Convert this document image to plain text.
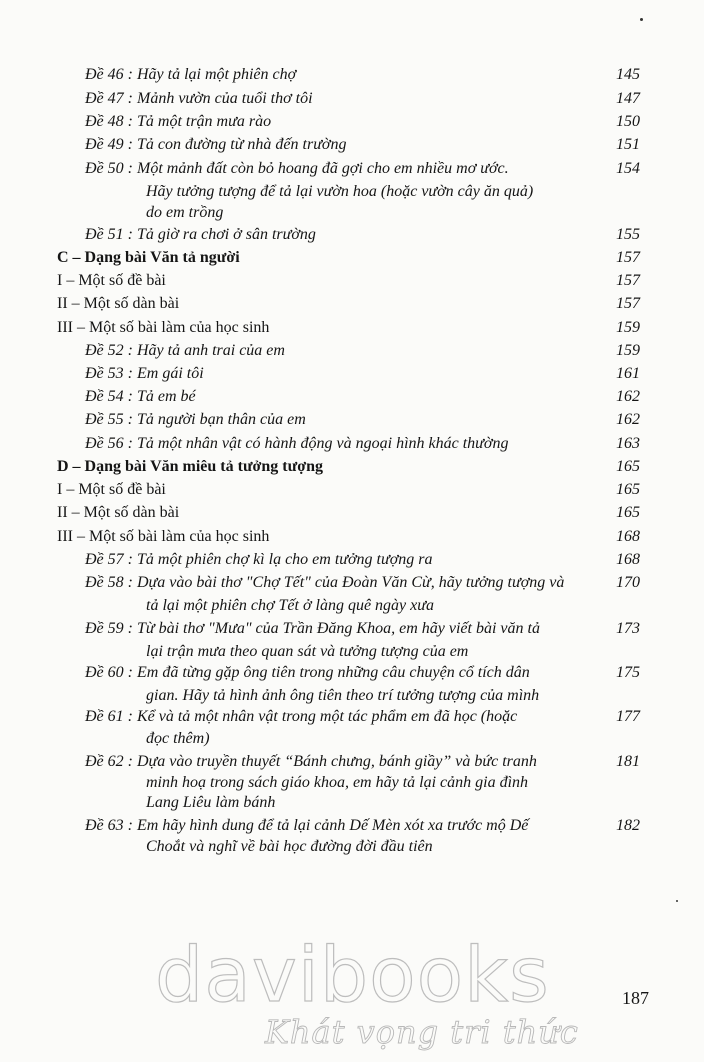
Đề 46 : Hãy tả lại một phiên chợ	145
Đề 47 : Mảnh vườn của tuổi thơ tôi	147
Đề 48 : Tả một trận mưa rào	150
Đề 49 : Tả con đường từ nhà đến trường	151
Đề 50 : Một mảnh đất còn bỏ hoang đã gợi cho em nhiều mơ ước.	154
Hãy tưởng tượng để tả lại vườn hoa (hoặc vườn cây ăn quả)
do em trồng
Đề 51 : Tả giờ ra chơi ở sân trường	155
C – Dạng bài Văn tả người	157
I – Một số đề bài	157
II – Một số dàn bài	157
III – Một số bài làm của học sinh	159
Đề 52 : Hãy tả anh trai của em	159
Đề 53 : Em gái tôi	161
Đề 54 : Tả em bé	162
Đề 55 : Tả người bạn thân của em	162
Đề 56 : Tả một nhân vật có hành động và ngoại hình khác thường	163
D – Dạng bài Văn miêu tả tưởng tượng	165
I – Một số đề bài	165
II – Một số dàn bài	165
III – Một số bài làm của học sinh	168
Đề 57 : Tả một phiên chợ kì lạ cho em tưởng tượng ra	168
Đề 58 : Dựa vào bài thơ "Chợ Tết" của Đoàn Văn Cừ, hãy tưởng tượng và	170
tả lại một phiên chợ Tết ở làng quê ngày xưa
Đề 59 : Từ bài thơ "Mưa" của Trần Đăng Khoa, em hãy viết bài văn tả	173
lại trận mưa theo quan sát và tưởng tượng của em
Đề 60 : Em đã từng gặp ông tiên trong những câu chuyện cổ tích dân	175
gian. Hãy tả hình ảnh ông tiên theo trí tưởng tượng của mình
Đề 61 : Kể và tả một nhân vật trong một tác phẩm em đã học (hoặc	177
đọc thêm)
Đề 62 : Dựa vào truyền thuyết “Bánh chưng, bánh giầy” và bức tranh	181
minh hoạ trong sách giáo khoa, em hãy tả lại cảnh gia đình
Lang Liêu làm bánh
Đề 63 : Em hãy hình dung để tả lại cảnh Dế Mèn xót xa trước mộ Dế	182
Choắt và nghĩ về bài học đường đời đầu tiên
187
davibooks
Khát vọng tri thức
